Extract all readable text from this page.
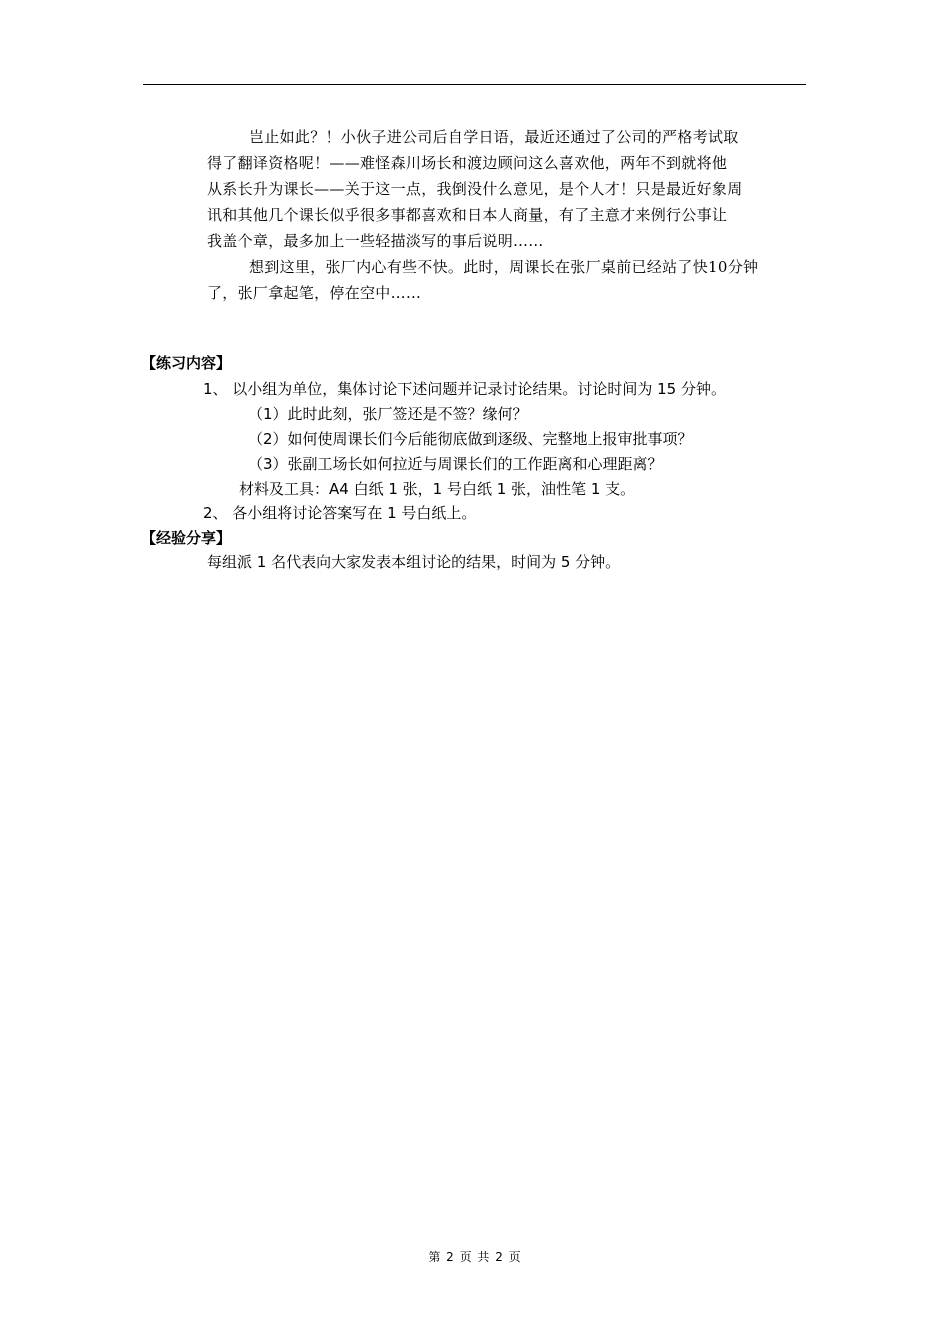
岂止如此？！小伙子进公司后自学日语，最近还通过了公司的严格考试取
得了翻译资格呢！——难怪森川场长和渡边顾问这么喜欢他，两年不到就将他
从系长升为课长——关于这一点，我倒没什么意见，是个人才！只是最近好象周
讯和其他几个课长似乎很多事都喜欢和日本人商量，有了主意才来例行公事让
我盖个章，最多加上一些轻描淡写的事后说明……

想到这里，张厂内心有些不快。此时，周课长在张厂桌前已经站了快10分钟
了，张厂拿起笔，停在空中……

【练习内容】
1、 以小组为单位，集体讨论下述问题并记录讨论结果。讨论时间为 15 分钟。
（1）此时此刻，张厂签还是不签？缘何？
（2）如何使周课长们今后能彻底做到逐级、完整地上报审批事项？
（3）张副工场长如何拉近与周课长们的工作距离和心理距离？
材料及工具：A4 白纸 1 张，1 号白纸 1 张，油性笔 1 支。
2、 各小组将讨论答案写在 1 号白纸上。
【经验分享】
每组派 1 名代表向大家发表本组讨论的结果，时间为 5 分钟。
第 2 页 共 2 页
